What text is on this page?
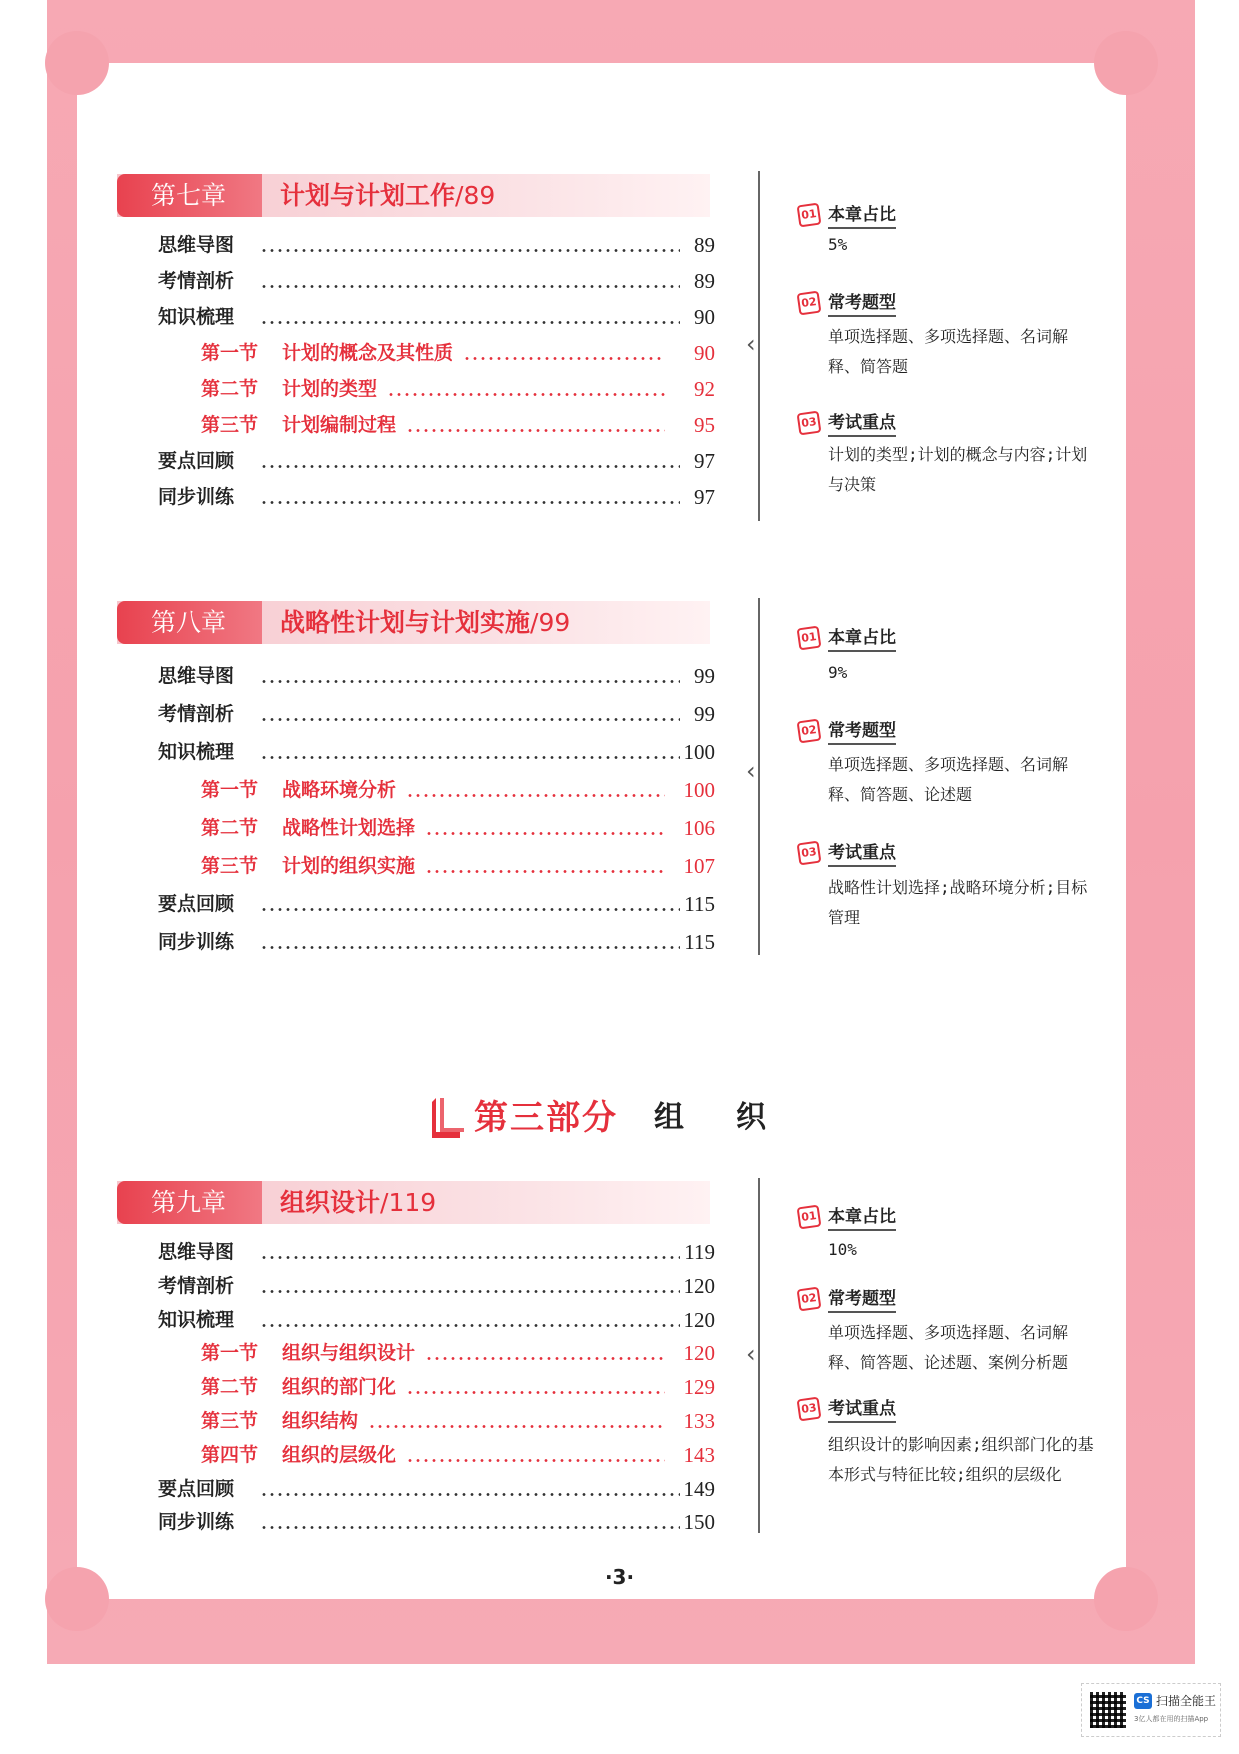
第七章	计划与计划工作/89
思维导图	89
考情剖析	89
知识梳理	90
第一节 计划的概念及其性质	90
第二节 计划的类型	92
第三节 计划编制过程	95
要点回顾	97
同步训练	97
第八章	战略性计划与计划实施/99
思维导图	99
考情剖析	99
知识梳理	100
第一节 战略环境分析	100
第二节 战略性计划选择	106
第三节 计划的组织实施	107
要点回顾	115
同步训练	115
第三部分 组织
第九章	组织设计/119
思维导图	119
考情剖析	120
知识梳理	120
第一节 组织与组织设计	120
第二节 组织的部门化	129
第三节 组织结构	133
第四节 组织的层级化	143
要点回顾	149
同步训练	150
‹
‹
‹
01 本章占比
5%
02 常考题型
单项选择题、多项选择题、名词解释、简答题
03 考试重点
计划的类型;计划的概念与内容;计划与决策
01 本章占比
9%
02 常考题型
单项选择题、多项选择题、名词解释、简答题、论述题
03 考试重点
战略性计划选择;战略环境分析;目标管理
01 本章占比
10%
02 常考题型
单项选择题、多项选择题、名词解释、简答题、论述题、案例分析题
03 考试重点
组织设计的影响因素;组织部门化的基本形式与特征比较;组织的层级化
·3·
CS 扫描全能王
3亿人都在用的扫描App
